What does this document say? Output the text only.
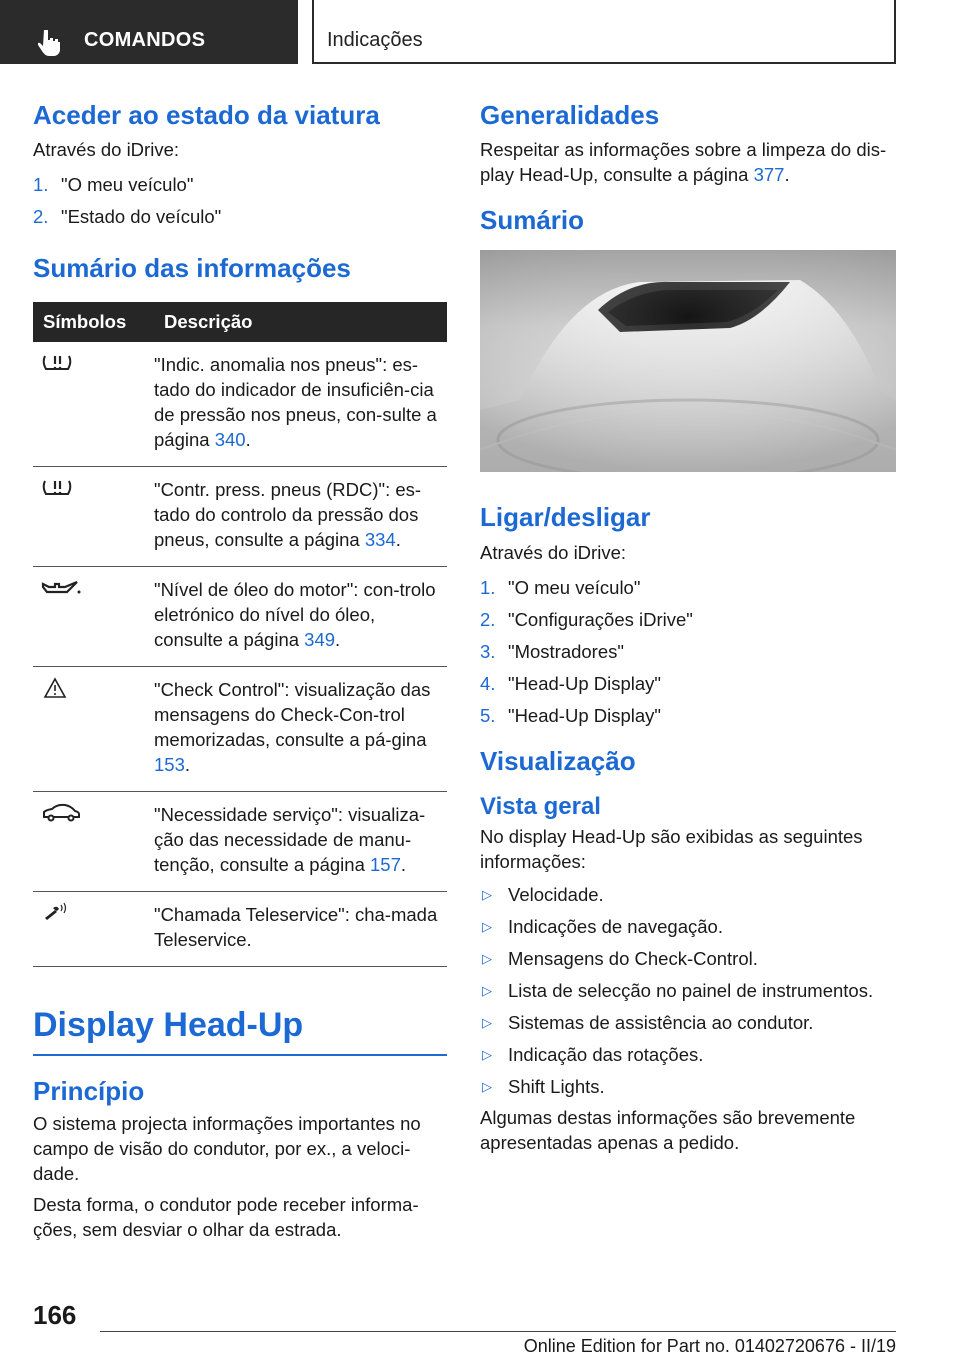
COMANDOS	Indicações
Aceder ao estado da viatura

Através do iDrive:

1. "O meu veículo"
2. "Estado do veículo"
Sumário das informações
Símbolos	Descrição

	"Indic. anomalia nos pneus": es-tado do indicador de insuficiên-cia de pressão nos pneus, con-sulte a página 340.

	"Contr. press. pneus (RDC)": es-tado do controlo da pressão dos pneus, consulte a página 334.

	"Nível de óleo do motor": con-trolo eletrónico do nível do óleo, consulte a página 349.

	"Check Control": visualização das mensagens do Check-Con-trol memorizadas, consulte a pá-gina 153.

	"Necessidade serviço": visualiza-ção das necessidade de manu-tenção, consulte a página 157.

	"Chamada Teleservice": cha-mada Teleservice.
Display Head-Up
Princípio

O sistema projecta informações importantes no campo de visão do condutor, por ex., a veloci-dade.

Desta forma, o condutor pode receber informa-ções, sem desviar o olhar da estrada.

Generalidades

Respeitar as informações sobre a limpeza do dis-play Head-Up, consulte a página 377.

Sumário
Ligar/desligar

Através do iDrive:

1. "O meu veículo"
2. "Configurações iDrive"
3. "Mostradores"
4. "Head-Up Display"
5. "Head-Up Display"
Visualização
Vista geral

No display Head-Up são exibidas as seguintes informações:

▷ Velocidade.
▷ Indicações de navegação.
▷ Mensagens do Check-Control.
▷ Lista de selecção no painel de instrumentos.
▷ Sistemas de assistência ao condutor.
▷ Indicação das rotações.
▷ Shift Lights.

Algumas destas informações são brevemente apresentadas apenas a pedido.

166
Online Edition for Part no. 01402720676 - II/19
